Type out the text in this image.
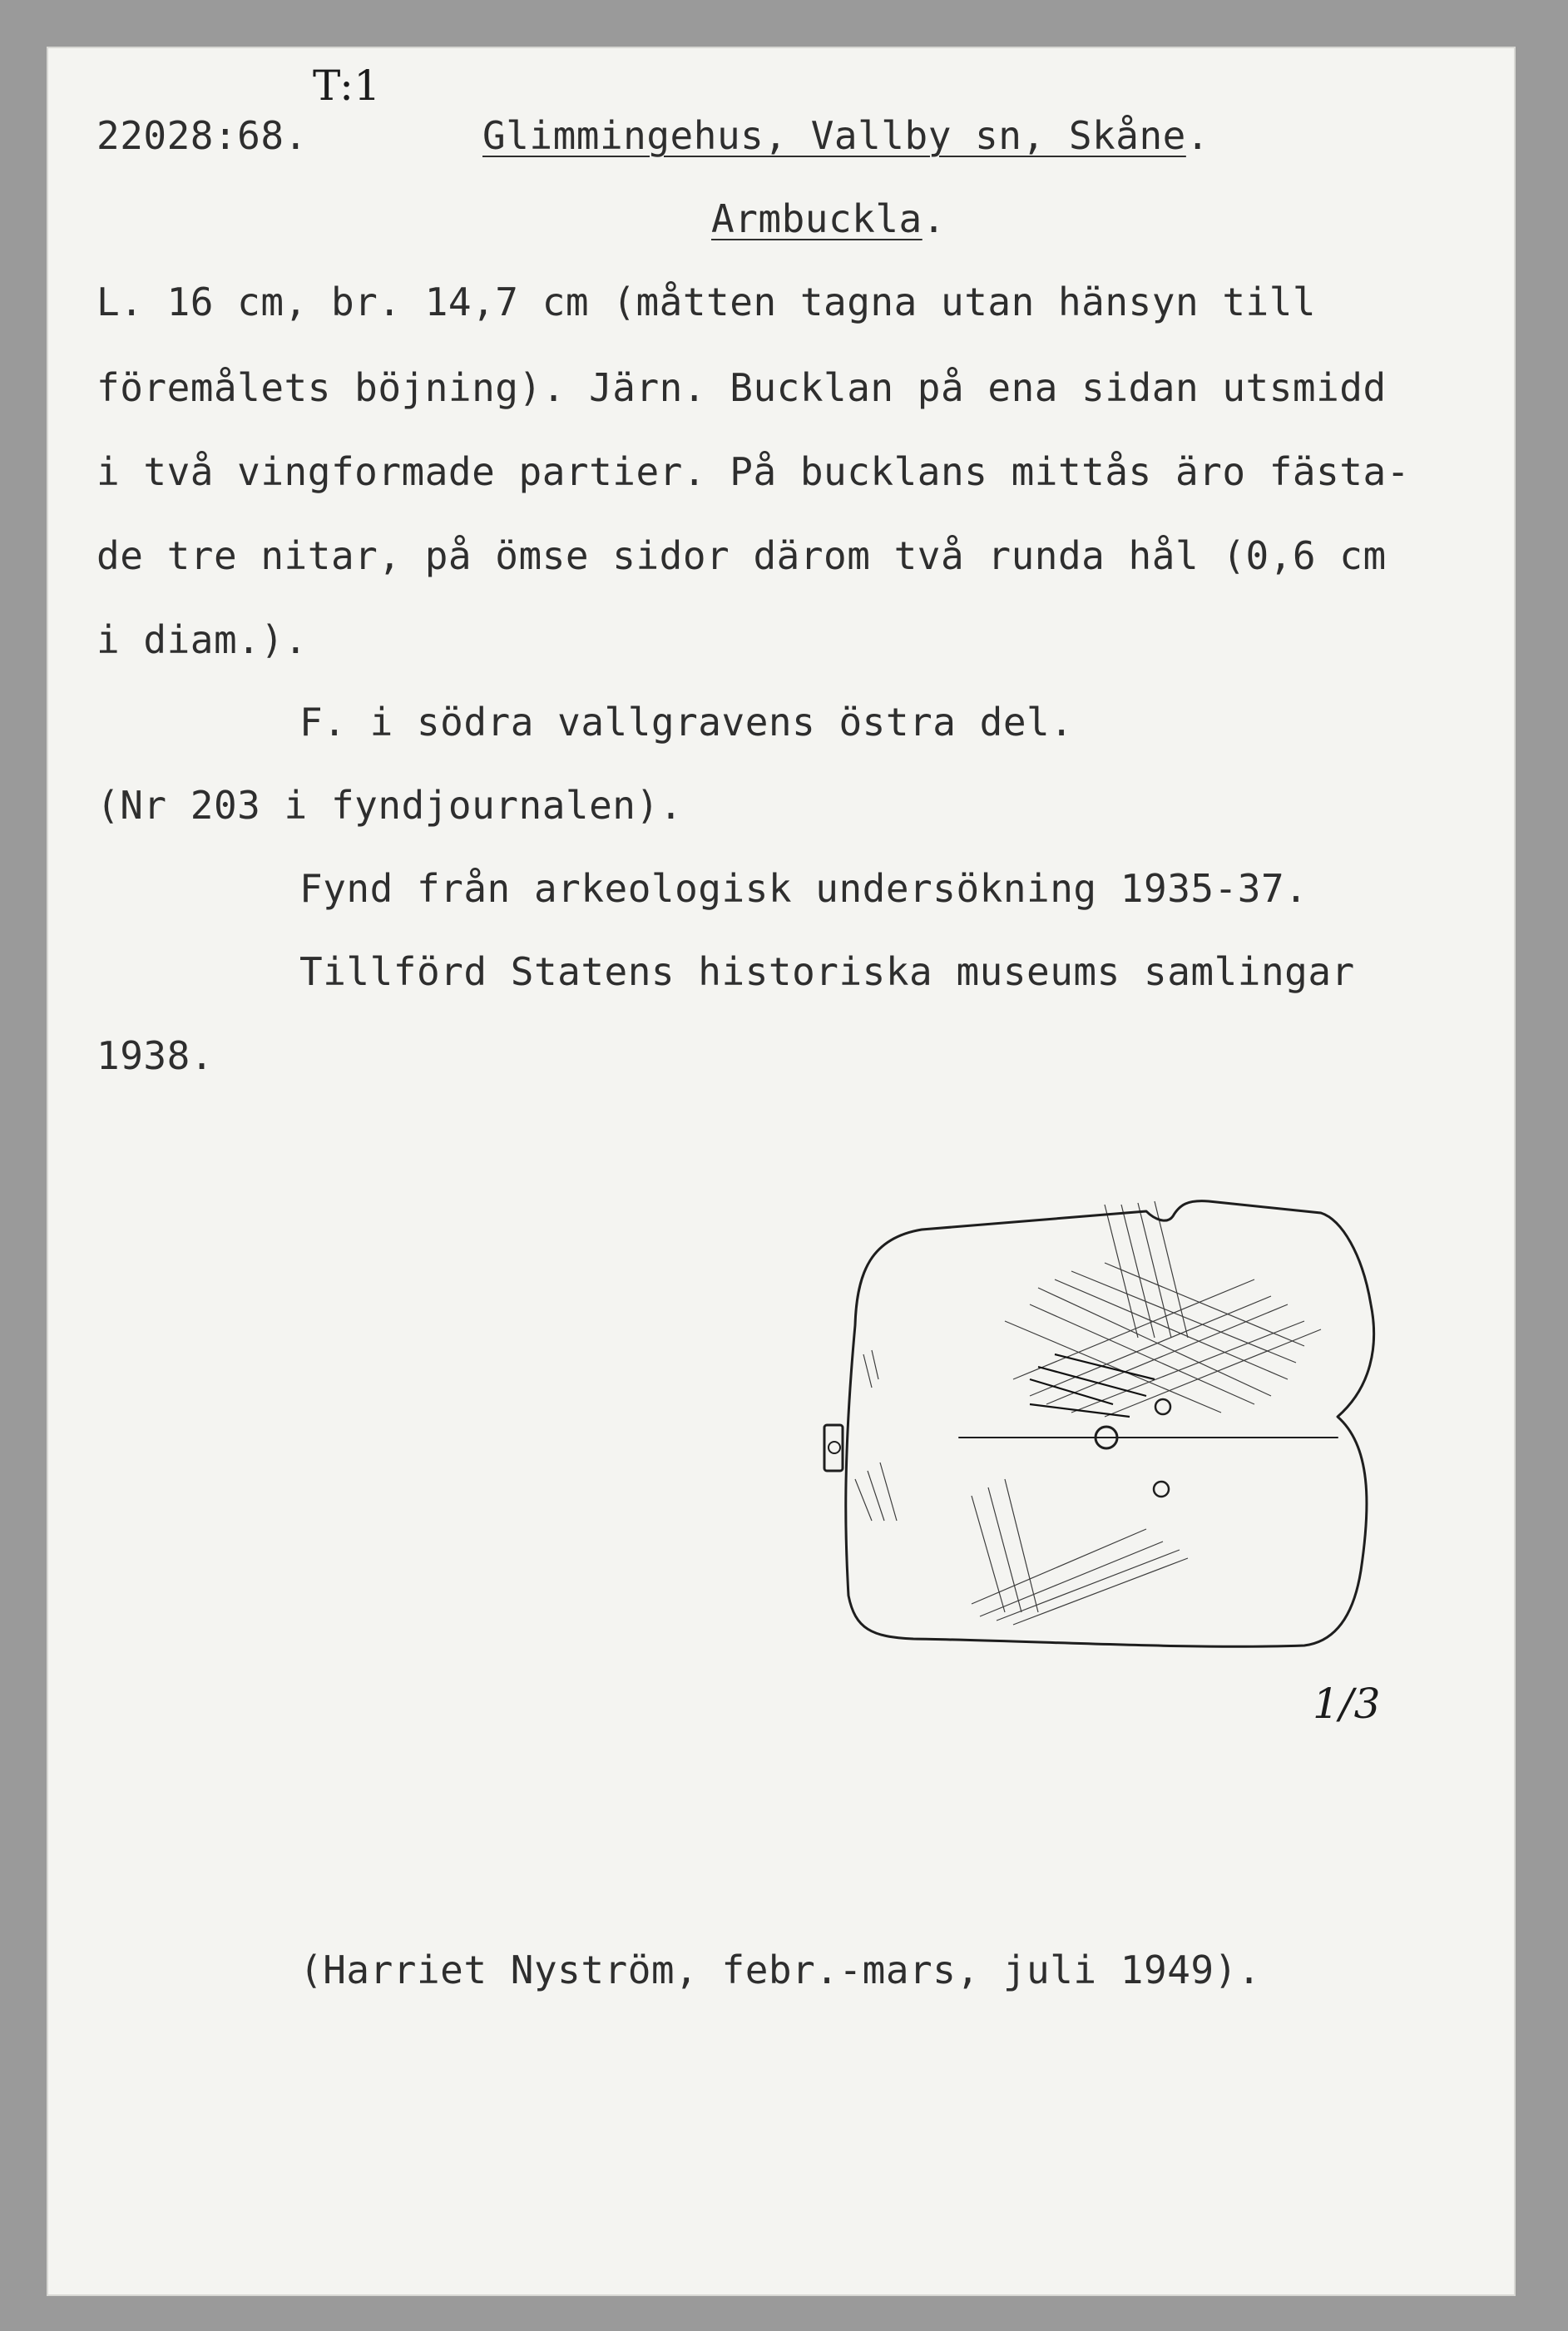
T:1
22028:68.	Glimmingehus, Vallby sn, Skåne.
Armbuckla.
L. 16 cm, br. 14,7 cm (måtten tagna utan hänsyn till
föremålets böjning). Järn. Bucklan på ena sidan utsmidd
i två vingformade partier. På bucklans mittås äro fästa-
de tre nitar, på ömse sidor därom två runda hål (0,6 cm
i diam.).
F. i södra vallgravens östra del.
(Nr 203 i fyndjournalen).
Fynd från arkeologisk undersökning 1935-37.
Tillförd Statens historiska museums samlingar
1938.
1/3
(Harriet Nyström, febr.-mars, juli 1949).
